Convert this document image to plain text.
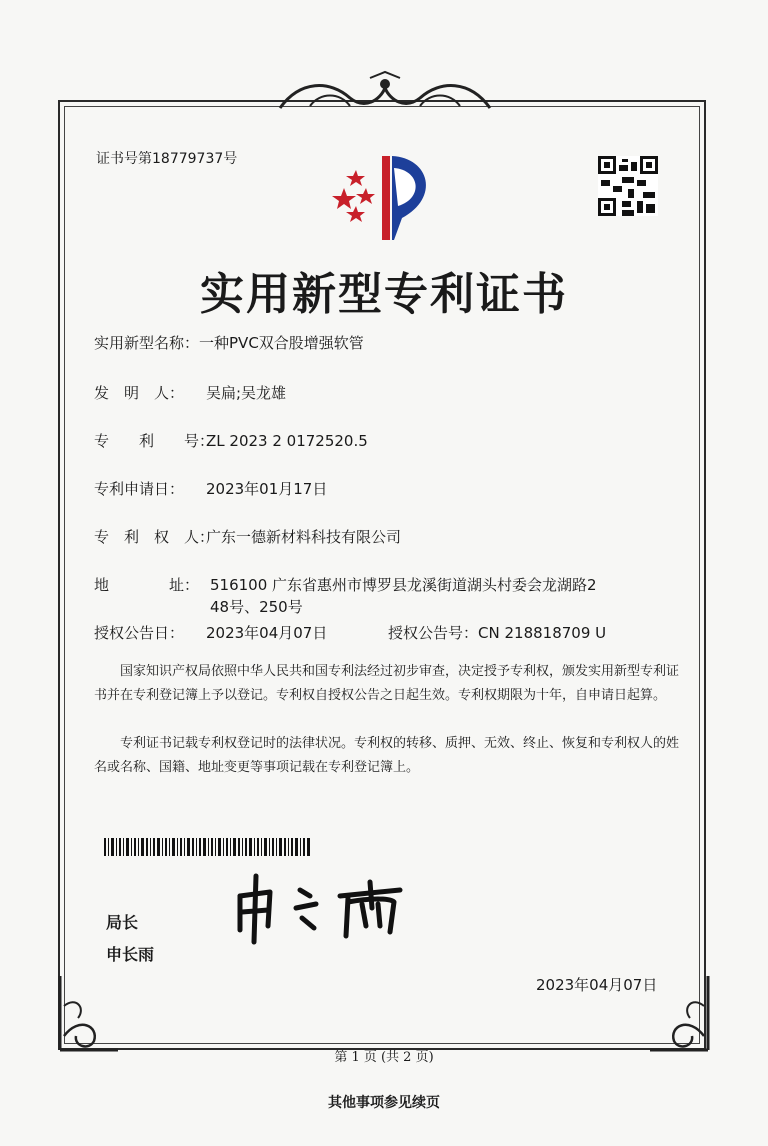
证书号第18779737号
实用新型专利证书
实用新型名称：一种PVC双合股增强软管
发　明　人： 吴扁;吴龙雄
专　　利　　号：ZL 2023 2 0172520.5
专利申请日： 2023年01月17日
专　利　权　人：广东一德新材料科技有限公司
地　　　　址： 516100 广东省惠州市博罗县龙溪街道湖头村委会龙湖路2
48号、250号
授权公告日： 2023年04月07日	授权公告号：CN 218818709 U
国家知识产权局依照中华人民共和国专利法经过初步审查，决定授予专利权，颁发实用新型专利证书并在专利登记簿上予以登记。专利权自授权公告之日起生效。专利权期限为十年，自申请日起算。
专利证书记载专利权登记时的法律状况。专利权的转移、质押、无效、终止、恢复和专利权人的姓名或名称、国籍、地址变更等事项记载在专利登记簿上。
局长
申长雨
2023年04月07日
第 1 页 (共 2 页)
其他事项参见续页
